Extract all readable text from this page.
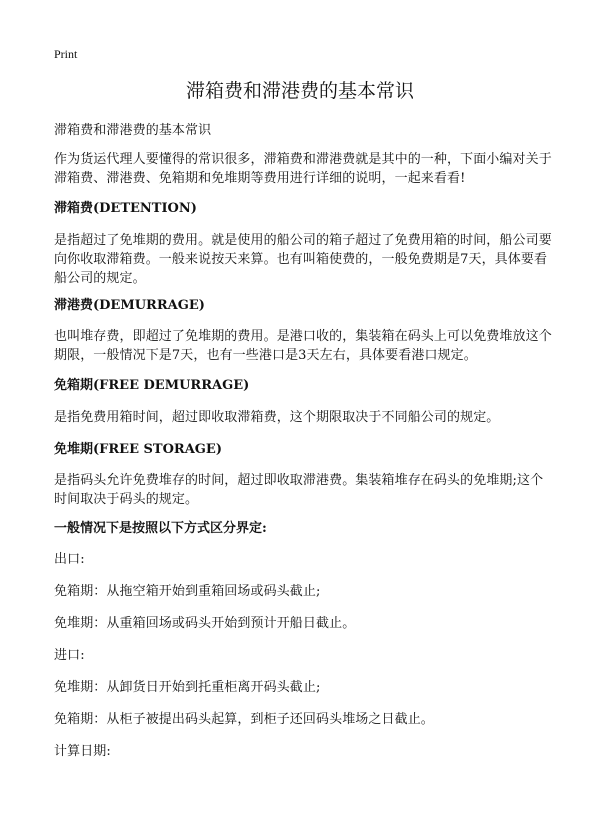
Print
滞箱费和滞港费的基本常识

滞箱费和滞港费的基本常识

作为货运代理人要懂得的常识很多，滞箱费和滞港费就是其中的一种，下面小编对关于滞箱费、滞港费、免箱期和免堆期等费用进行详细的说明，一起来看看!

滞箱费(DETENTION)

是指超过了免堆期的费用。就是使用的船公司的箱子超过了免费用箱的时间，船公司要向你收取滞箱费。一般来说按天来算。也有叫箱使费的，一般免费期是7天，具体要看船公司的规定。

滞港费(DEMURRAGE)

也叫堆存费，即超过了免堆期的费用。是港口收的，集装箱在码头上可以免费堆放这个期限，一般情况下是7天，也有一些港口是3天左右，具体要看港口规定。

免箱期(FREE DEMURRAGE)

是指免费用箱时间，超过即收取滞箱费，这个期限取决于不同船公司的规定。

免堆期(FREE STORAGE)

是指码头允许免费堆存的时间，超过即收取滞港费。集装箱堆存在码头的免堆期;这个时间取决于码头的规定。

一般情况下是按照以下方式区分界定:

出口:

免箱期：从拖空箱开始到重箱回场或码头截止;

免堆期：从重箱回场或码头开始到预计开船日截止。

进口:

免堆期：从卸货日开始到托重柜离开码头截止;

免箱期：从柜子被提出码头起算，到柜子还回码头堆场之日截止。

计算日期:
